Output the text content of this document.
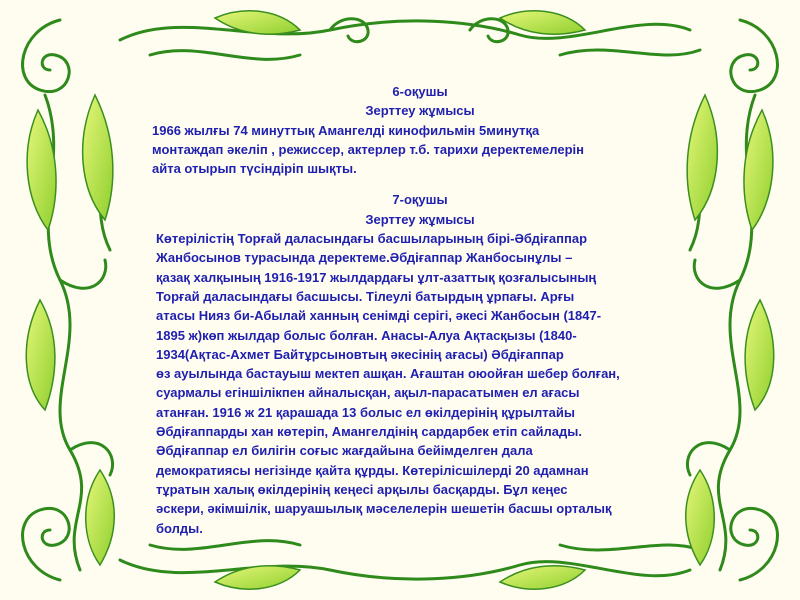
6-оқушы

Зерттеу жұмысы

1966 жылғы 74 минуттық Амангелді кинофильмін 5минутқа

монтаждап әкеліп , режиссер, актерлер т.б. тарихи деректемелерін

айта отырып түсіндіріп шықты.

7-оқушы

Зерттеу жұмысы

Көтерілістің Торғай даласындағы басшыларының бірі-Әбдіғаппар

Жанбосынов турасында деректеме.Әбдіғаппар Жанбосынұлы –

қазақ халқының 1916-1917 жылдардағы ұлт-азаттық қозғалысының

Торғай даласындағы басшысы. Тілеулі батырдың ұрпағы. Арғы

атасы Нияз би-Абылай ханның сенімді серігі, әкесі Жанбосын (1847-

1895 ж)көп жылдар болыс болған. Анасы-Алуа Ақтасқызы (1840-

1934(Ақтас-Ахмет Байтұрсыновтың әкесінің ағасы) Әбдіғаппар

өз ауылында бастауыш мектеп ашқан. Ағаштан оюойған шебер болған,

суармалы егіншілікпен айналысқан, ақыл-парасатымен ел ағасы

атанған. 1916 ж 21 қарашада 13 болыс ел өкілдерінің құрылтайы

Әбдіғаппарды хан көтеріп, Амангелдінің сардарбек етіп сайлады.

Әбдіғаппар ел билігін соғыс жағдайына бейімделген дала

демократиясы негізінде қайта құрды. Көтерілісшілерді 20 адамнан

тұратын халық өкілдерінің кеңесі арқылы басқарды. Бұл кеңес

әскери, әкімшілік, шаруашылық мәселелерін шешетін басшы орталық

болды.
